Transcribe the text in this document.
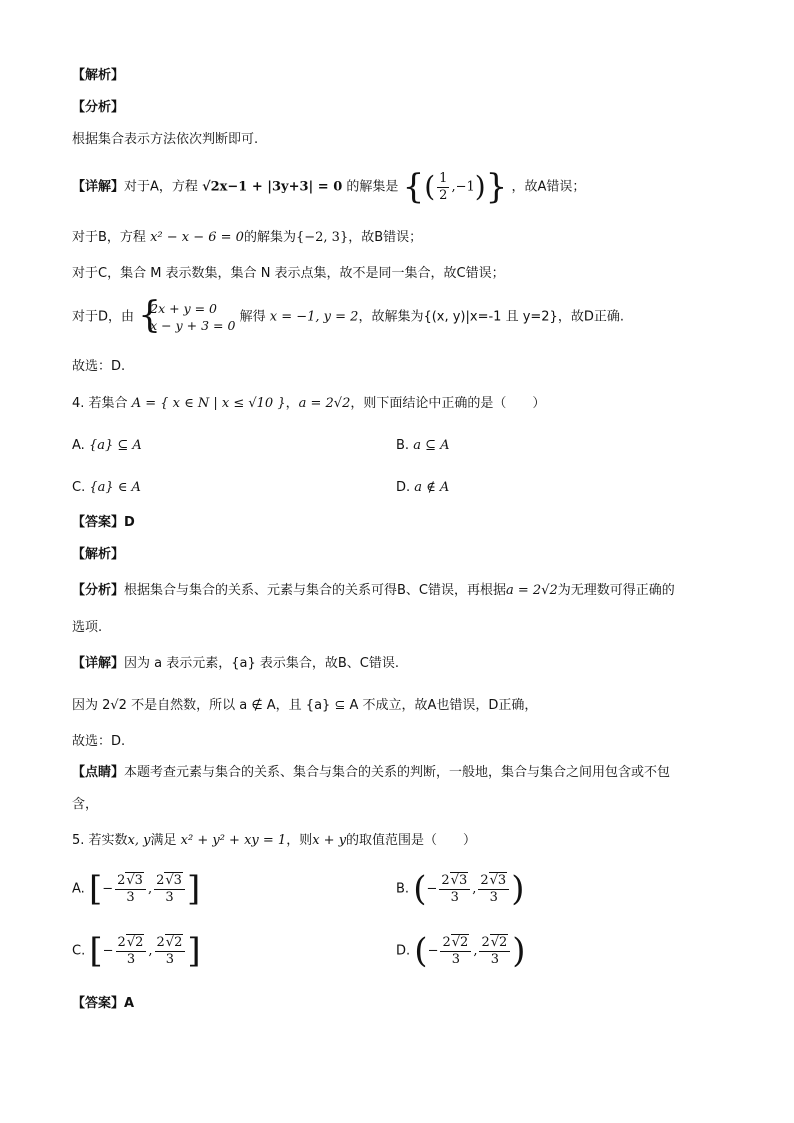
【解析】
【分析】
根据集合表示方法依次判断即可.
【详解】对于A，方程 √2x−1 + |3y+3| = 0 的解集是 {( $\frac{1}{2} ,-1$)} ，故A错误；
对于B，方程 x² − x − 6 = 0的解集为{−2, 3}，故B错误；
对于C，集合 M 表示数集，集合 N 表示点集，故不是同一集合，故C错误；
对于D，由 {
2x + y = 0
x − y + 3 = 0
解得 x = −1, y = 2，故解集为{(x, y)|x=-1 且 y=2}，故D正确.
故选：D.
4. 若集合 A = { x ∈ N | x ≤ √10 }，a = 2√2，则下面结论中正确的是（　　）
A. {a} ⊆ A	B. a ⊆ A
C. {a} ∈ A	D. a ∉ A
【答案】D
【解析】
【分析】根据集合与集合的关系、元素与集合的关系可得B、C错误，再根据a = 2√2为无理数可得正确的
选项.
【详解】因为 a 表示元素，{a} 表示集合，故B、C错误.
因为 2√2 不是自然数，所以 a ∉ A，且 {a} ⊆ A 不成立，故A也错误，D正确，
故选：D.
【点睛】本题考查元素与集合的关系、集合与集合的关系的判断，一般地，集合与集合之间用包含或不包
含，
5. 若实数x, y满足 x² + y² + xy = 1，则x + y的取值范围是（　　）
A. [− $\frac{2√3}{3}$ , $\frac{2√3}{3}$ ]	B. (− $\frac{2√3}{3}$ , $\frac{2√3}{3}$ )
C. [− $\frac{2√2}{3}$ , $\frac{2√2}{3}$ ]	D. (− $\frac{2√2}{3}$ , $\frac{2√2}{3}$ )
【答案】A
